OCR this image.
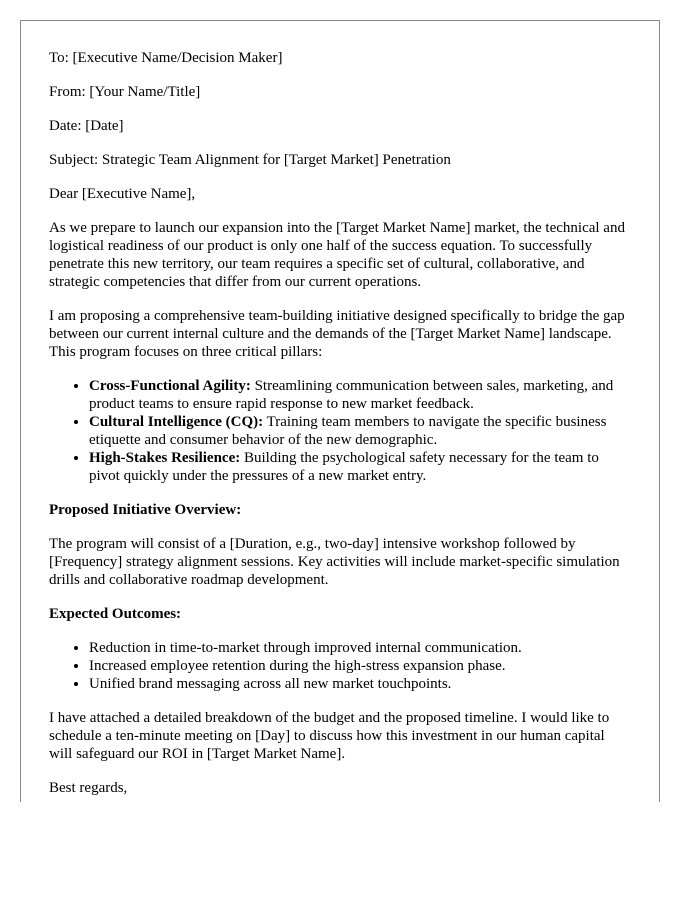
To: [Executive Name/Decision Maker]

From: [Your Name/Title]

Date: [Date]

Subject: Strategic Team Alignment for [Target Market] Penetration

Dear [Executive Name],

As we prepare to launch our expansion into the [Target Market Name] market, the technical and logistical readiness of our product is only one half of the success equation. To successfully penetrate this new territory, our team requires a specific set of cultural, collaborative, and strategic competencies that differ from our current operations.

I am proposing a comprehensive team-building initiative designed specifically to bridge the gap between our current internal culture and the demands of the [Target Market Name] landscape. This program focuses on three critical pillars:

• Cross-Functional Agility: Streamlining communication between sales, marketing, and product teams to ensure rapid response to new market feedback.
• Cultural Intelligence (CQ): Training team members to navigate the specific business etiquette and consumer behavior of the new demographic.
• High-Stakes Resilience: Building the psychological safety necessary for the team to pivot quickly under the pressures of a new market entry.

Proposed Initiative Overview:

The program will consist of a [Duration, e.g., two-day] intensive workshop followed by [Frequency] strategy alignment sessions. Key activities will include market-specific simulation drills and collaborative roadmap development.

Expected Outcomes:

• Reduction in time-to-market through improved internal communication.
• Increased employee retention during the high-stress expansion phase.
• Unified brand messaging across all new market touchpoints.

I have attached a detailed breakdown of the budget and the proposed timeline. I would like to schedule a ten-minute meeting on [Day] to discuss how this investment in our human capital will safeguard our ROI in [Target Market Name].

Best regards,
